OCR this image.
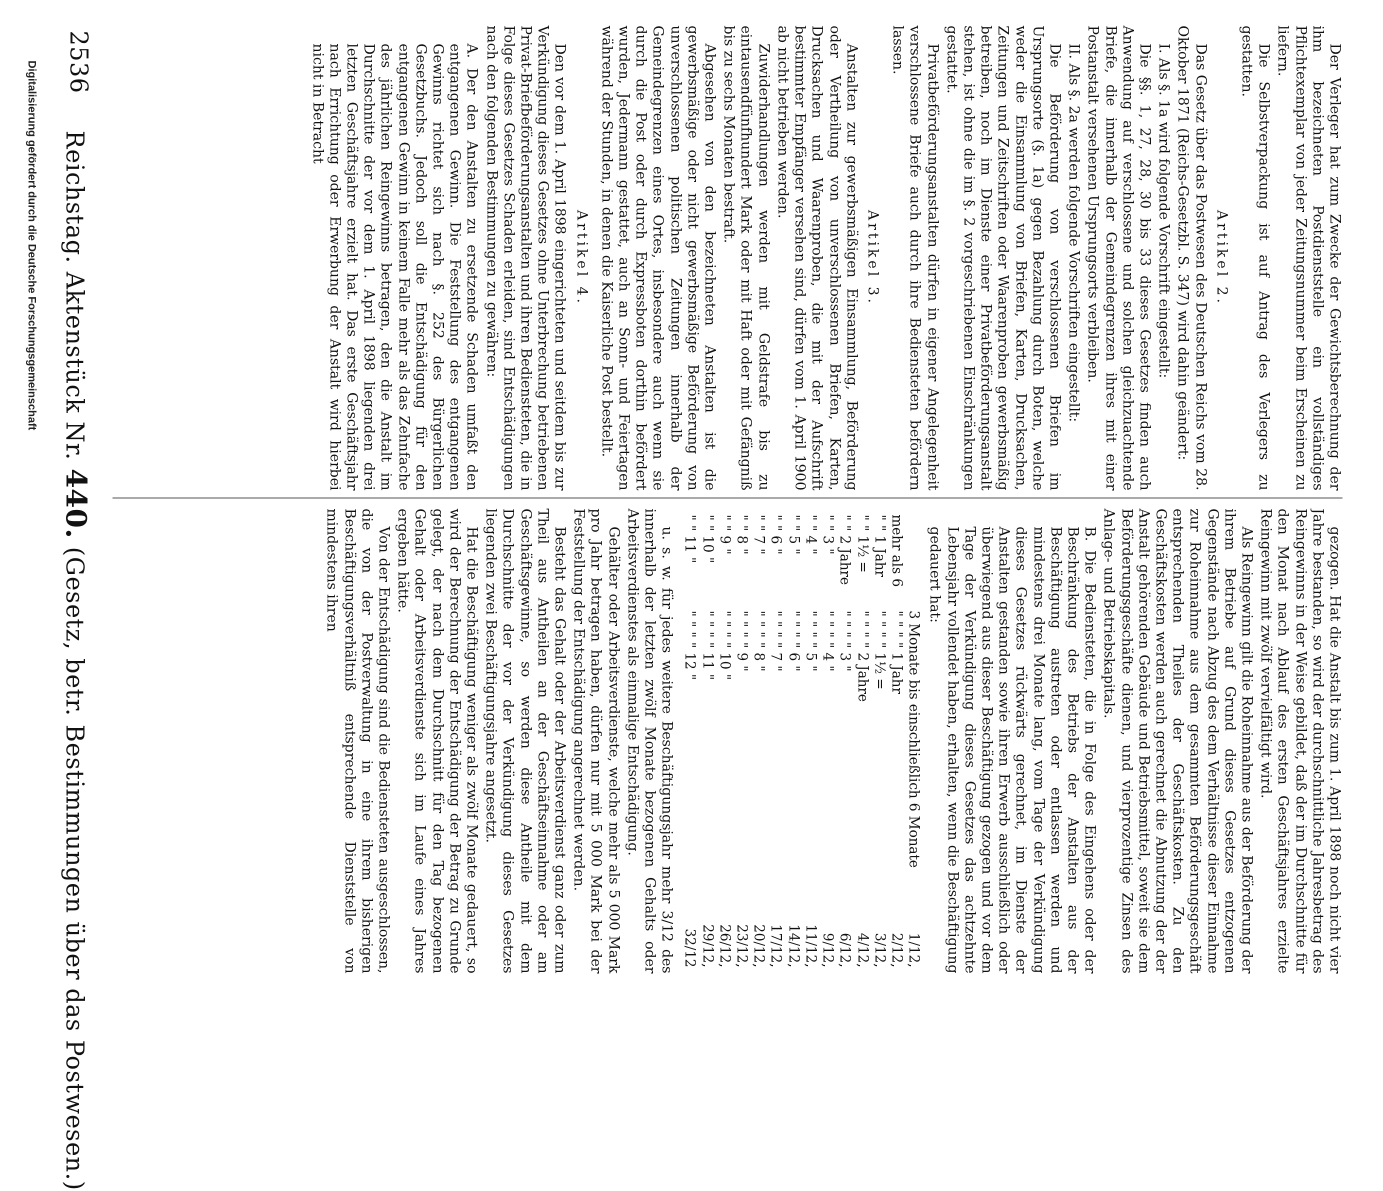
Der Verleger hat zum Zwecke der Gewichtsberechnung der ihm bezeichneten Postdienststelle ein vollständiges Pflichtexemplar von jeder Zeitungsnummer beim Erscheinen zu liefern.

Die Selbstverpackung ist auf Antrag des Verlegers zu gestatten.

Artikel 2.

Das Gesetz über das Postwesen des Deutschen Reichs vom 28. Oktober 1871 (Reichs-Gesetzbl. S. 347) wird dahin geändert:

I. Als §. 1a wird folgende Vorschrift eingestellt:

Die §§. 1, 27, 28, 30 bis 33 dieses Gesetzes finden auch Anwendung auf verschlossene und solchen gleichzuachtende Briefe, die innerhalb der Gemeindegrenzen ihres mit einer Postanstalt versehenen Ursprungsorts verbleiben.

II. Als §. 2a werden folgende Vorschriften eingestellt:

Die Beförderung von verschlossenen Briefen im Ursprungsorte (§. 1a) gegen Bezahlung durch Boten, welche weder die Einsammlung von Briefen, Karten, Drucksachen, Zeitungen und Zeitschriften oder Waarenproben gewerbsmäßig betreiben, noch im Dienste einer Privatbeförderungsanstalt stehen, ist ohne die im §. 2 vorgeschriebenen Einschränkungen gestattet.

Privatbeförderungsanstalten dürfen in eigener Angelegenheit verschlossene Briefe auch durch ihre Bediensteten befördern lassen.

Artikel 3.

Anstalten zur gewerbsmäßigen Einsammlung, Beförderung oder Vertheilung von unverschlossenen Briefen, Karten, Drucksachen und Waarenproben, die mit der Aufschrift bestimmter Empfänger versehen sind, dürfen vom 1. April 1900 ab nicht betrieben werden.

Zuwiderhandlungen werden mit Geldstrafe bis zu eintausendfünfhundert Mark oder mit Haft oder mit Gefängniß bis zu sechs Monaten bestraft.

Abgesehen von den bezeichneten Anstalten ist die gewerbsmäßige oder nicht gewerbsmäßige Beförderung von unverschlossenen politischen Zeitungen innerhalb der Gemeindegrenzen eines Ortes, insbesondere auch wenn sie durch die Post oder durch Expressboten dorthin befördert wurden, Jedermann gestattet, auch an Sonn- und Feiertagen während der Stunden, in denen die Kaiserliche Post bestellt.

Artikel 4.

Den vor dem 1. April 1898 eingerichteten und seitdem bis zur Verkündigung dieses Gesetzes ohne Unterbrechung betriebenen Privat-Briefbeförderungsanstalten und ihren Bediensteten, die in Folge dieses Gesetzes Schaden erleiden, sind Entschädigungen nach den folgenden Bestimmungen zu gewähren:

A. Der den Anstalten zu ersetzende Schaden umfaßt den entgangenen Gewinn. Die Feststellung des entgangenen Gewinns richtet sich nach §. 252 des Bürgerlichen Gesetzbuchs. Jedoch soll die Entschädigung für den entgangenen Gewinn in keinem Falle mehr als das Zehnfache des jährlichen Reingewinns betragen, den die Anstalt im Durchschnitte der vor dem 1. April 1898 liegenden drei letzten Geschäftsjahre erzielt hat. Das erste Geschäftsjahr nach Errichtung oder Erwerbung der Anstalt wird hierbei nicht in Betracht

gezogen. Hat die Anstalt bis zum 1. April 1898 noch nicht vier Jahre bestanden, so wird der durchschnittliche Jahresbetrag des Reingewinns in der Weise gebildet, daß der im Durchschnitte für den Monat nach Ablauf des ersten Geschäftsjahres erzielte Reingewinn mit zwölf vervielfältigt wird.

Als Reingewinn gilt die Roheinnahme aus der Beförderung der ihrem Betriebe auf Grund dieses Gesetzes entzogenen Gegenstände nach Abzug des dem Verhältnisse dieser Einnahme zur Roheinnahme aus dem gesammten Beförderungsgeschäft entsprechenden Theiles der Geschäftskosten. Zu den Geschäftskosten werden auch gerechnet die Abnutzung der der Anstalt gehörenden Gebäude und Betriebsmittel, soweit sie dem Beförderungsgeschäfte dienen, und vierprozentige Zinsen des Anlage- und Betriebskapitals.

B. Die Bediensteten, die in Folge des Eingehens oder der Beschränkung des Betriebs der Anstalten aus der Beschäftigung austreten oder entlassen werden und mindestens drei Monate lang, vom Tage der Verkündigung dieses Gesetzes rückwärts gerechnet, im Dienste der Anstalten gestanden sowie ihren Erwerb ausschließlich oder überwiegend aus dieser Beschäftigung gezogen und vor dem Tage der Verkündigung dieses Gesetzes das achtzehnte Lebensjahr vollendet haben, erhalten, wenn die Beschäftigung gedauert hat:

	3 Monate bis einschließlich 6 Monate	1/12,
mehr als 6	" " " " 1 Jahr	2/12,
" " 1 Jahr	" " " " 1½ =	3/12,
" " 1½ =	" " " " 2 Jahre	4/12,
" " 2 Jahre	" " " " 3 "	6/12,
" " 3 "	" " " " 4 "	9/12,
" " 4 "	" " " " 5 "	11/12,
" " 5 "	" " " " 6 "	14/12,
" " 6 "	" " " " 7 "	17/12,
" " 7 "	" " " " 8 "	20/12,
" " 8 "	" " " " 9 "	23/12,
" " 9 "	" " " " 10 "	26/12,
" " 10 "	" " " " 11 "	29/12,
" " 11 "	" " " " 12 "	32/12

u. s. w. für jedes weitere Beschäftigungsjahr mehr 3/12 des innerhalb der letzten zwölf Monate bezogenen Gehalts oder Arbeitsverdienstes als einmalige Entschädigung.

Gehälter oder Arbeitsverdienste, welche mehr als 5 000 Mark pro Jahr betragen haben, dürfen nur mit 5 000 Mark bei der Feststellung der Entschädigung angerechnet werden.

Besteht das Gehalt oder der Arbeitsverdienst ganz oder zum Theil aus Antheilen an der Geschäftseinnahme oder am Geschäftsgewinne, so werden diese Antheile mit dem Durchschnitte der vor der Verkündigung dieses Gesetzes liegenden zwei Beschäftigungsjahre angesetzt.

Hat die Beschäftigung weniger als zwölf Monate gedauert, so wird der Berechnung der Entschädigung der Betrag zu Grunde gelegt, der nach dem Durchschnitt für den Tag bezogenen Gehalt oder Arbeitsverdienste sich im Laufe eines Jahres ergeben hätte.

Von der Entschädigung sind die Bediensteten ausgeschlossen, die von der Postverwaltung in eine ihrem bisherigen Beschäftigungsverhältniß entsprechende Dienststelle von mindestens ihren

2536
Reichstag. Aktenstück Nr. 440. (Gesetz, betr. Bestimmungen über das Postwesen.)
Digitalisierung gefördert durch die Deutsche Forschungsgemeinschaft
